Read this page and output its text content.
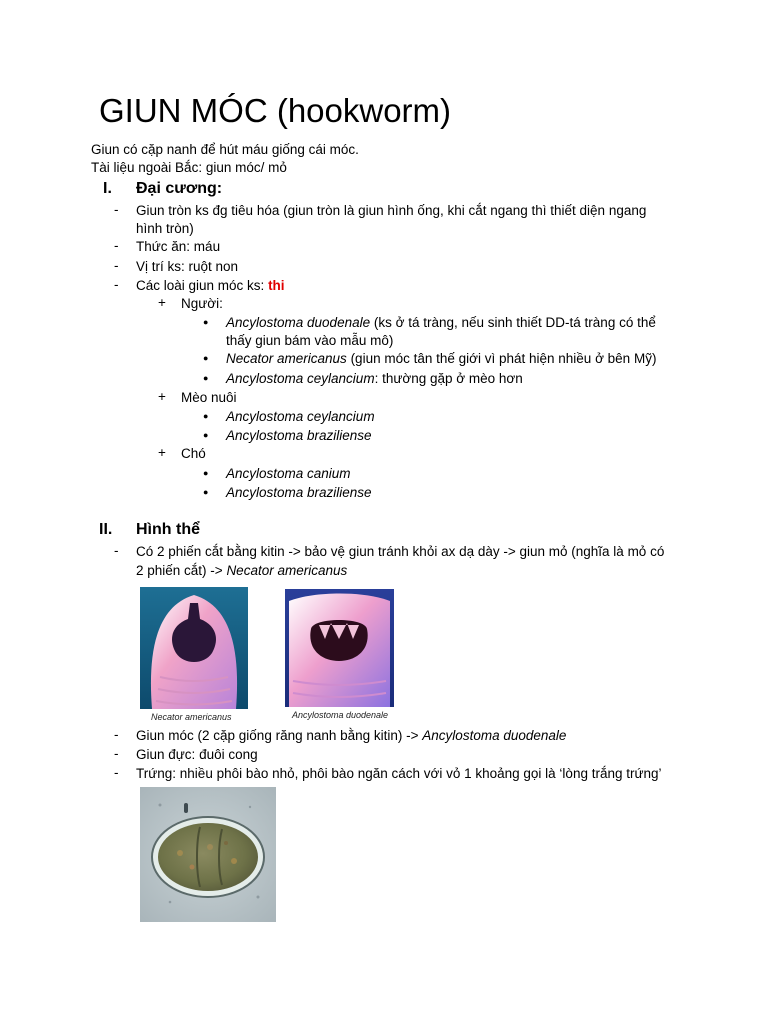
GIUN MÓC (hookworm)
Giun có cặp nanh để hút máu giống cái móc.
Tài liệu ngoài Bắc: giun móc/ mỏ
I. Đại cương:
- Giun tròn ks đg tiêu hóa (giun tròn là giun hình ống, khi cắt ngang thì thiết diện ngang
hình tròn)
- Thức ăn: máu
- Vị trí ks: ruột non
- Các loài giun móc ks: thi
+ Người:
● Ancylostoma duodenale (ks ở tá tràng, nếu sinh thiết DD-tá tràng có thể
thấy giun bám vào mẫu mô)
● Necator americanus (giun móc tân thế giới vì phát hiện nhiều ở bên Mỹ)
● Ancylostoma ceylancium: thường gặp ở mèo hơn
+ Mèo nuôi
● Ancylostoma ceylancium
● Ancylostoma braziliense
+ Chó
● Ancylostoma canium
● Ancylostoma braziliense
II. Hình thể
- Có 2 phiến cắt bằng kitin -> bảo vệ giun tránh khỏi ax dạ dày -> giun mỏ (nghĩa là mỏ có
2 phiến cắt) -> Necator americanus
Necator americanus	Ancylostoma duodenale
- Giun móc (2 cặp giống răng nanh bằng kitin) -> Ancylostoma duodenale
- Giun đực: đuôi cong
- Trứng: nhiều phôi bào nhỏ, phôi bào ngăn cách với vỏ 1 khoảng gọi là ‘lòng trắng trứng’
